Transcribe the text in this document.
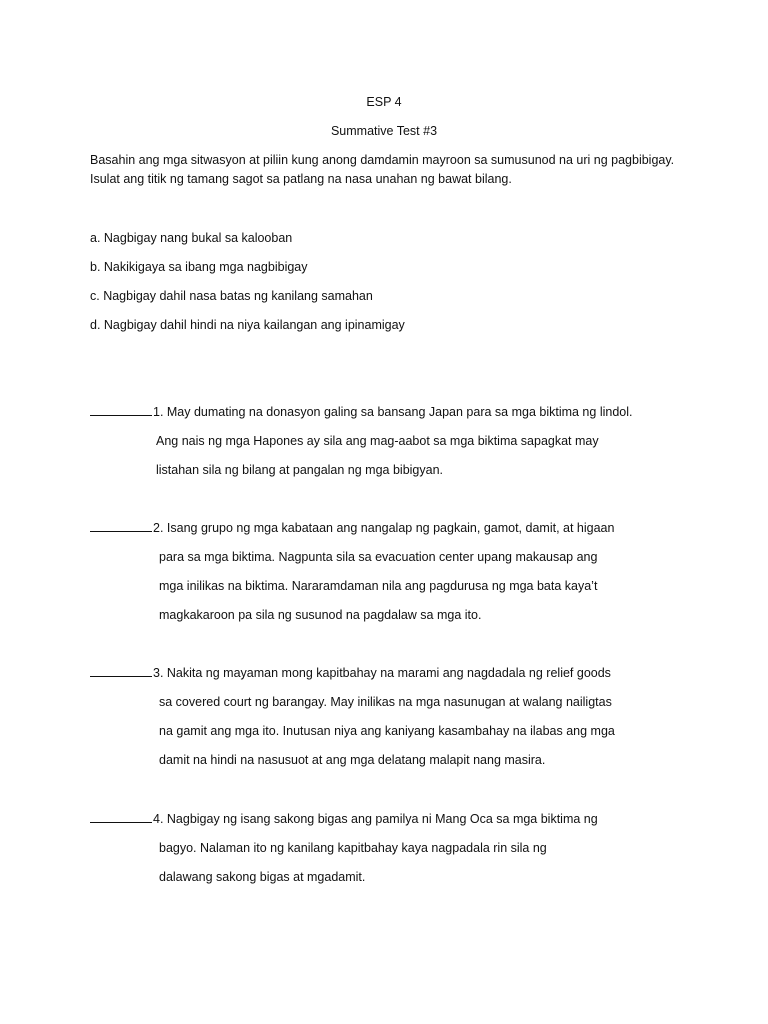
ESP 4
Summative Test #3
Basahin ang mga sitwasyon at piliin kung anong damdamin mayroon sa sumusunod na uri ng pagbibigay.
Isulat ang titik ng tamang sagot sa patlang na nasa unahan ng bawat bilang.
a. Nagbigay nang bukal sa kalooban
b. Nakikigaya sa ibang mga nagbibigay
c. Nagbigay dahil nasa batas ng kanilang samahan
d. Nagbigay dahil hindi na niya kailangan ang ipinamigay
1. May dumating na donasyon galing sa bansang Japan para sa mga biktima ng lindol.
Ang nais ng mga Hapones ay sila ang mag-aabot sa mga biktima sapagkat may
listahan sila ng bilang at pangalan ng mga bibigyan.
2. Isang grupo ng mga kabataan ang nangalap ng pagkain, gamot, damit, at higaan
para sa mga biktima. Nagpunta sila sa evacuation center upang makausap ang
mga inilikas na biktima. Nararamdaman nila ang pagdurusa ng mga bata kaya’t
magkakaroon pa sila ng susunod na pagdalaw sa mga ito.
3. Nakita ng mayaman mong kapitbahay na marami ang nagdadala ng relief goods
sa covered court ng barangay. May inilikas na mga nasunugan at walang nailigtas
na gamit ang mga ito. Inutusan niya ang kaniyang kasambahay na ilabas ang mga
damit na hindi na nasusuot at ang mga delatang malapit nang masira.
4. Nagbigay ng isang sakong bigas ang pamilya ni Mang Oca sa mga biktima ng
bagyo. Nalaman ito ng kanilang kapitbahay kaya nagpadala rin sila ng
dalawang sakong bigas at mgadamit.
